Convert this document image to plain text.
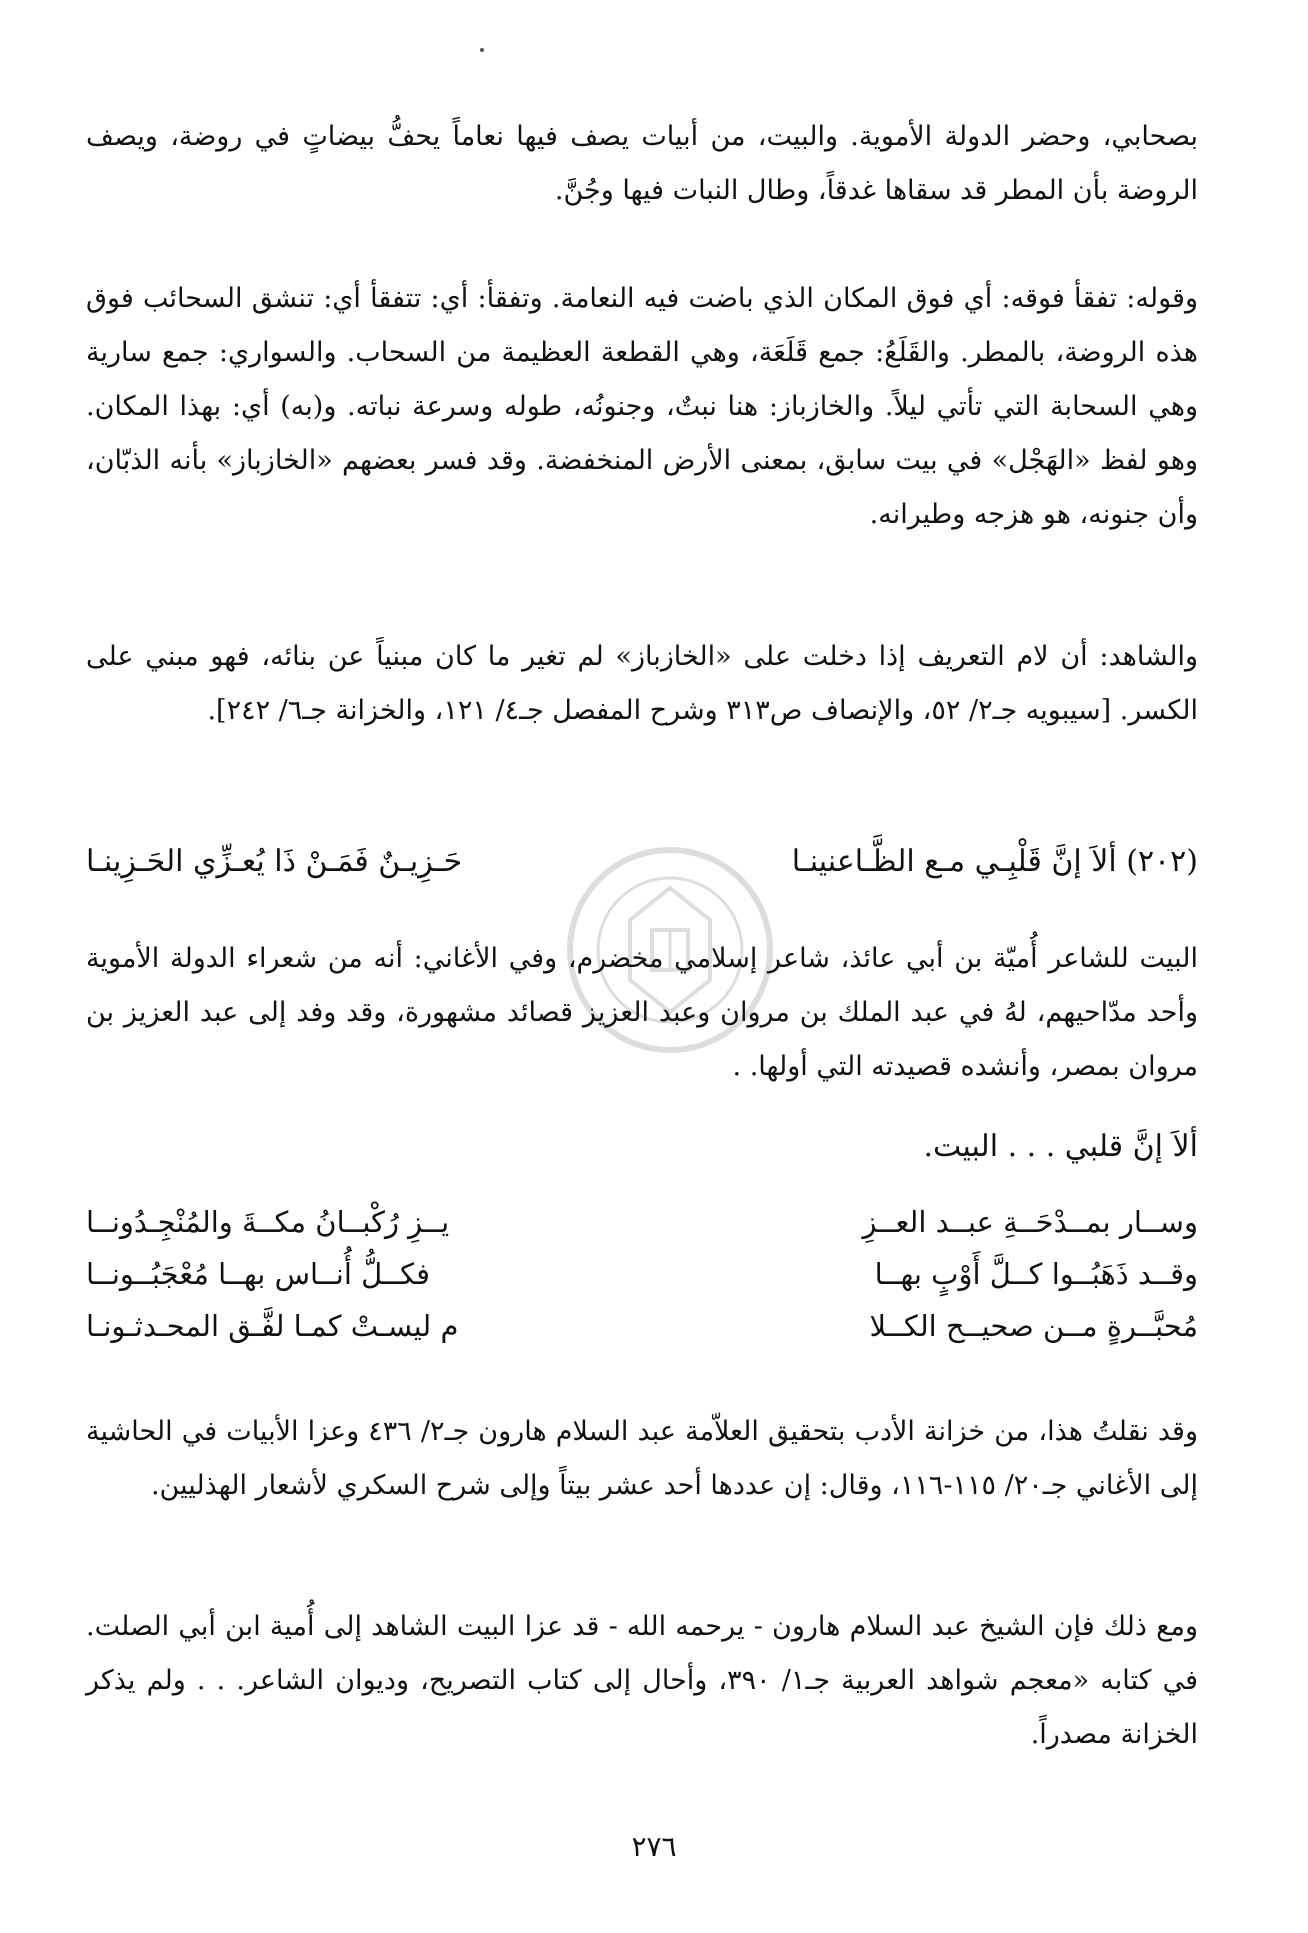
بصحابي، وحضر الدولة الأموية. والبيت، من أبيات يصف فيها نعاماً يحفُّ بيضاتٍ في روضة، ويصف الروضة بأن المطر قد سقاها غدقاً، وطال النبات فيها وجُنَّ.

وقوله: تفقأ فوقه: أي فوق المكان الذي باضت فيه النعامة. وتفقأ: أي: تتفقأ أي: تنشق السحائب فوق هذه الروضة، بالمطر. والقَلَعُ: جمع قَلَعَة، وهي القطعة العظيمة من السحاب. والسواري: جمع سارية وهي السحابة التي تأتي ليلاً. والخازباز: هنا نبتٌ، وجنونُه، طوله وسرعة نباته. و(به) أي: بهذا المكان. وهو لفظ «الهَجْل» في بيت سابق، بمعنى الأرض المنخفضة. وقد فسر بعضهم «الخازباز» بأنه الذبّان، وأن جنونه، هو هزجه وطيرانه.

والشاهد: أن لام التعريف إذا دخلت على «الخازباز» لم تغير ما كان مبنياً عن بنائه، فهو مبني على الكسر. [سيبويه جـ٢/ ٥٢، والإنصاف ص٣١٣ وشرح المفصل جـ٤/ ١٢١، والخزانة جـ٦/ ٢٤٢].

(٢٠٢) ألاَ إنَّ قَلْبِـي مـع الظَّـاعنينـا
حَـزِيـنٌ فَمَـنْ ذَا يُعـزِّي الحَـزِينـا

البيت للشاعر أُميّة بن أبي عائذ، شاعر إسلامي مخضرم، وفي الأغاني: أنه من شعراء الدولة الأموية وأحد مدّاحيهم، لهُ في عبد الملك بن مروان وعبد العزيز قصائد مشهورة، وقد وفد إلى عبد العزيز بن مروان بمصر، وأنشده قصيدته التي أولها. .

ألاَ إنَّ قلبي . . . البيت.

وســار بمــدْحَــةِ عبــد العــزِ
يــزِ رُكْبــانُ مكــةَ والمُنْجِـدُونــا
وقــد ذَهَبُــوا كــلَّ أَوْبٍ بهــا
فكــلُّ أُنــاس بهــا مُعْجَبُــونــا
مُحبَّــرةٍ مــن صحيــح الكــلا
م ليسـتْ كمـا لفَّـق المحـدثـونـا

وقد نقلتُ هذا، من خزانة الأدب بتحقيق العلاّمة عبد السلام هارون جـ٢/ ٤٣٦ وعزا الأبيات في الحاشية إلى الأغاني جـ٢٠/ ١١٥-١١٦، وقال: إن عددها أحد عشر بيتاً وإلى شرح السكري لأشعار الهذليين.

ومع ذلك فإن الشيخ عبد السلام هارون - يرحمه الله - قد عزا البيت الشاهد إلى أُمية ابن أبي الصلت. في كتابه «معجم شواهد العربية جـ١/ ٣٩٠، وأحال إلى كتاب التصريح، وديوان الشاعر. . . ولم يذكر الخزانة مصدراً.

٢٧٦
